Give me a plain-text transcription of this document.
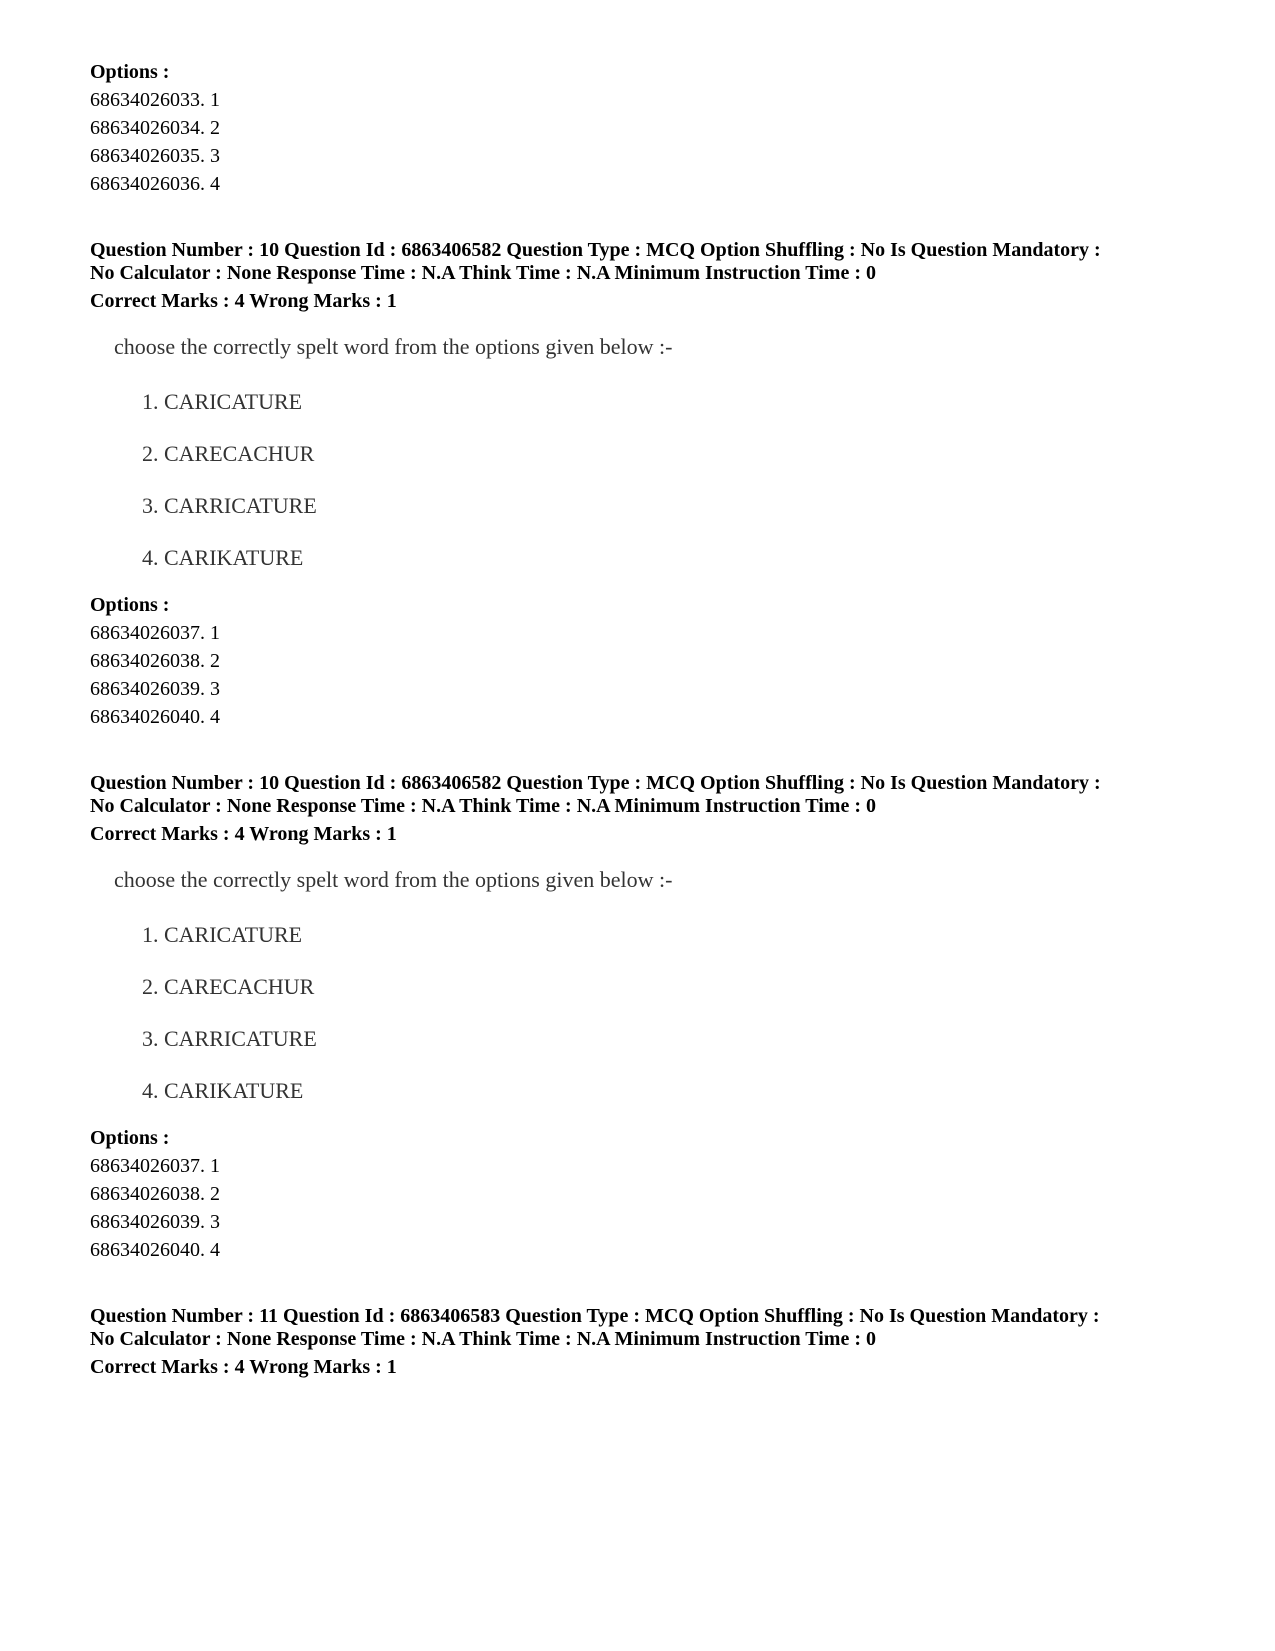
Options :
68634026033. 1
68634026034. 2
68634026035. 3
68634026036. 4
Question Number : 10 Question Id : 6863406582 Question Type : MCQ Option Shuffling : No Is Question Mandatory :
No Calculator : None Response Time : N.A Think Time : N.A Minimum Instruction Time : 0
Correct Marks : 4 Wrong Marks : 1
choose the correctly spelt word from the options given below :-
1. CARICATURE
2. CARECACHUR
3. CARRICATURE
4. CARIKATURE
Options :
68634026037. 1
68634026038. 2
68634026039. 3
68634026040. 4
Question Number : 10 Question Id : 6863406582 Question Type : MCQ Option Shuffling : No Is Question Mandatory :
No Calculator : None Response Time : N.A Think Time : N.A Minimum Instruction Time : 0
Correct Marks : 4 Wrong Marks : 1
choose the correctly spelt word from the options given below :-
1. CARICATURE
2. CARECACHUR
3. CARRICATURE
4. CARIKATURE
Options :
68634026037. 1
68634026038. 2
68634026039. 3
68634026040. 4
Question Number : 11 Question Id : 6863406583 Question Type : MCQ Option Shuffling : No Is Question Mandatory :
No Calculator : None Response Time : N.A Think Time : N.A Minimum Instruction Time : 0
Correct Marks : 4 Wrong Marks : 1
